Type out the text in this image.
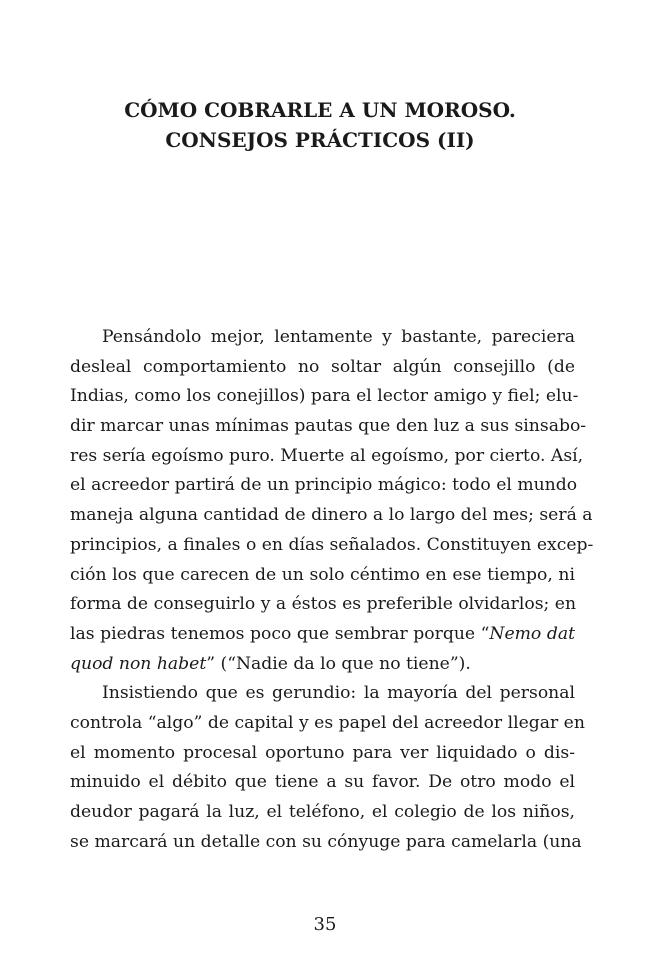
CÓMO COBRARLE A UN MOROSO.
CONSEJOS PRÁCTICOS (II)
Pensándolo mejor, lentamente y bastante, pareciera
desleal comportamiento no soltar algún consejillo (de
Indias, como los conejillos) para el lector amigo y fiel; elu-
dir marcar unas mínimas pautas que den luz a sus sinsabo-
res sería egoísmo puro. Muerte al egoísmo, por cierto. Así,
el acreedor partirá de un principio mágico: todo el mundo
maneja alguna cantidad de dinero a lo largo del mes; será a
principios, a finales o en días señalados. Constituyen excep-
ción los que carecen de un solo céntimo en ese tiempo, ni
forma de conseguirlo y a éstos es preferible olvidarlos; en
las piedras tenemos poco que sembrar porque “Nemo dat
quod non habet” (“Nadie da lo que no tiene”).
Insistiendo que es gerundio: la mayoría del personal
controla “algo” de capital y es papel del acreedor llegar en
el momento procesal oportuno para ver liquidado o dis-
minuido el débito que tiene a su favor. De otro modo el
deudor pagará la luz, el teléfono, el colegio de los niños,
se marcará un detalle con su cónyuge para camelarla (una
35
